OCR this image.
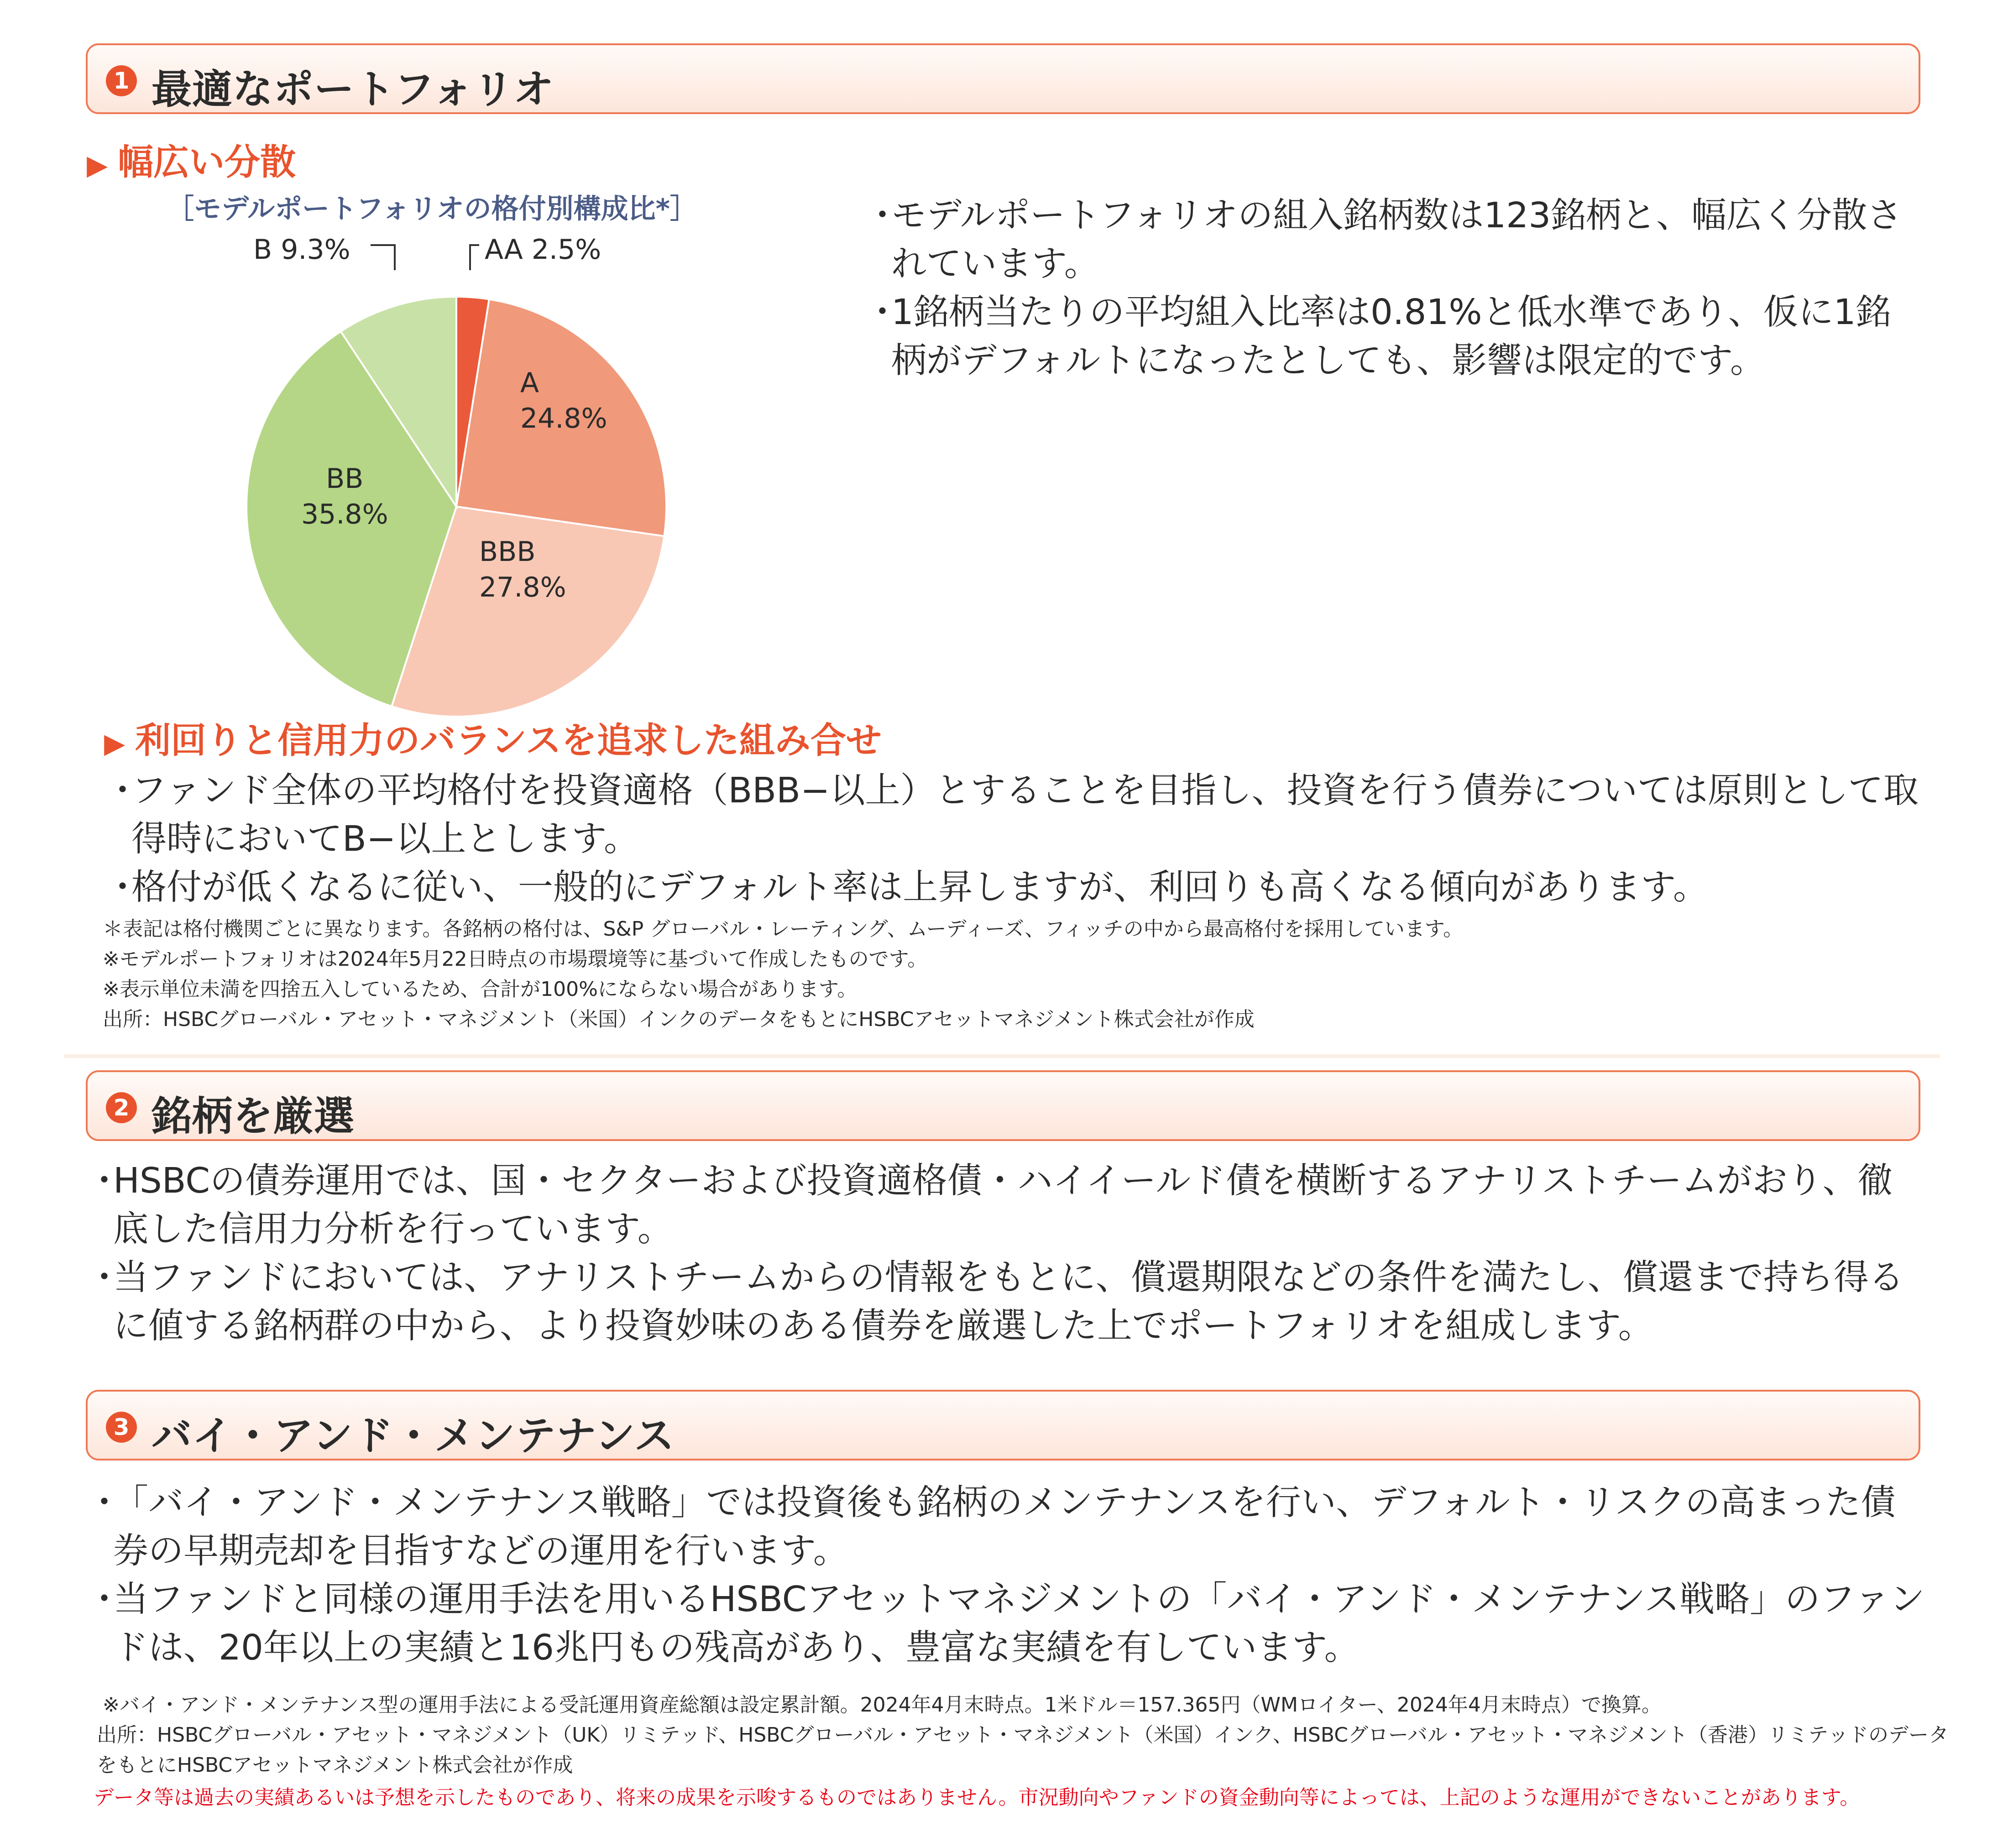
1 最適なポートフォリオ
▶ 幅広い分散
［モデルポートフォリオの格付別構成比*］
B 9.3%	AA 2.5%
A
24.8%
BBB
27.8%
BB
35.8%
・ モデルポートフォリオの組入銘柄数は123銘柄と、幅広く分散されています。
・ 1銘柄当たりの平均組入比率は0.81%と低水準であり、仮に1銘柄がデフォルトになったとしても、影響は限定的です。
▶ 利回りと信用力のバランスを追求した組み合せ
・ ファンド全体の平均格付を投資適格（BBB−以上）とすることを目指し、投資を行う債券については原則として取得時においてB−以上とします。
・ 格付が低くなるに従い、一般的にデフォルト率は上昇しますが、利回りも高くなる傾向があります。
＊表記は格付機関ごとに異なります。各銘柄の格付は、S&P グローバル・レーティング、ムーディーズ、フィッチの中から最高格付を採用しています。
※モデルポートフォリオは2024年5月22日時点の市場環境等に基づいて作成したものです。
※表示単位未満を四捨五入しているため、合計が100%にならない場合があります。
出所：HSBCグローバル・アセット・マネジメント（米国）インクのデータをもとにHSBCアセットマネジメント株式会社が作成
2 銘柄を厳選
・ HSBCの債券運用では、国・セクターおよび投資適格債・ハイイールド債を横断するアナリストチームがおり、徹底した信用力分析を行っています。
・ 当ファンドにおいては、アナリストチームからの情報をもとに、償還期限などの条件を満たし、償還まで持ち得るに値する銘柄群の中から、より投資妙味のある債券を厳選した上でポートフォリオを組成します。
3 バイ・アンド・メンテナンス
・ 「バイ・アンド・メンテナンス戦略」では投資後も銘柄のメンテナンスを行い、デフォルト・リスクの高まった債券の早期売却を目指すなどの運用を行います。
・ 当ファンドと同様の運用手法を用いるHSBCアセットマネジメントの「バイ・アンド・メンテナンス戦略」のファンドは、20年以上の実績と16兆円もの残高があり、豊富な実績を有しています。
※バイ・アンド・メンテナンス型の運用手法による受託運用資産総額は設定累計額。2024年4月末時点。1米ドル＝157.365円（WMロイター、2024年4月末時点）で換算。
出所：HSBCグローバル・アセット・マネジメント（UK）リミテッド、HSBCグローバル・アセット・マネジメント（米国）インク、HSBCグローバル・アセット・マネジメント（香港）リミテッドのデータ
をもとにHSBCアセットマネジメント株式会社が作成
データ等は過去の実績あるいは予想を示したものであり、将来の成果を示唆するものではありません。市況動向やファンドの資金動向等によっては、上記のような運用ができないことがあります。
